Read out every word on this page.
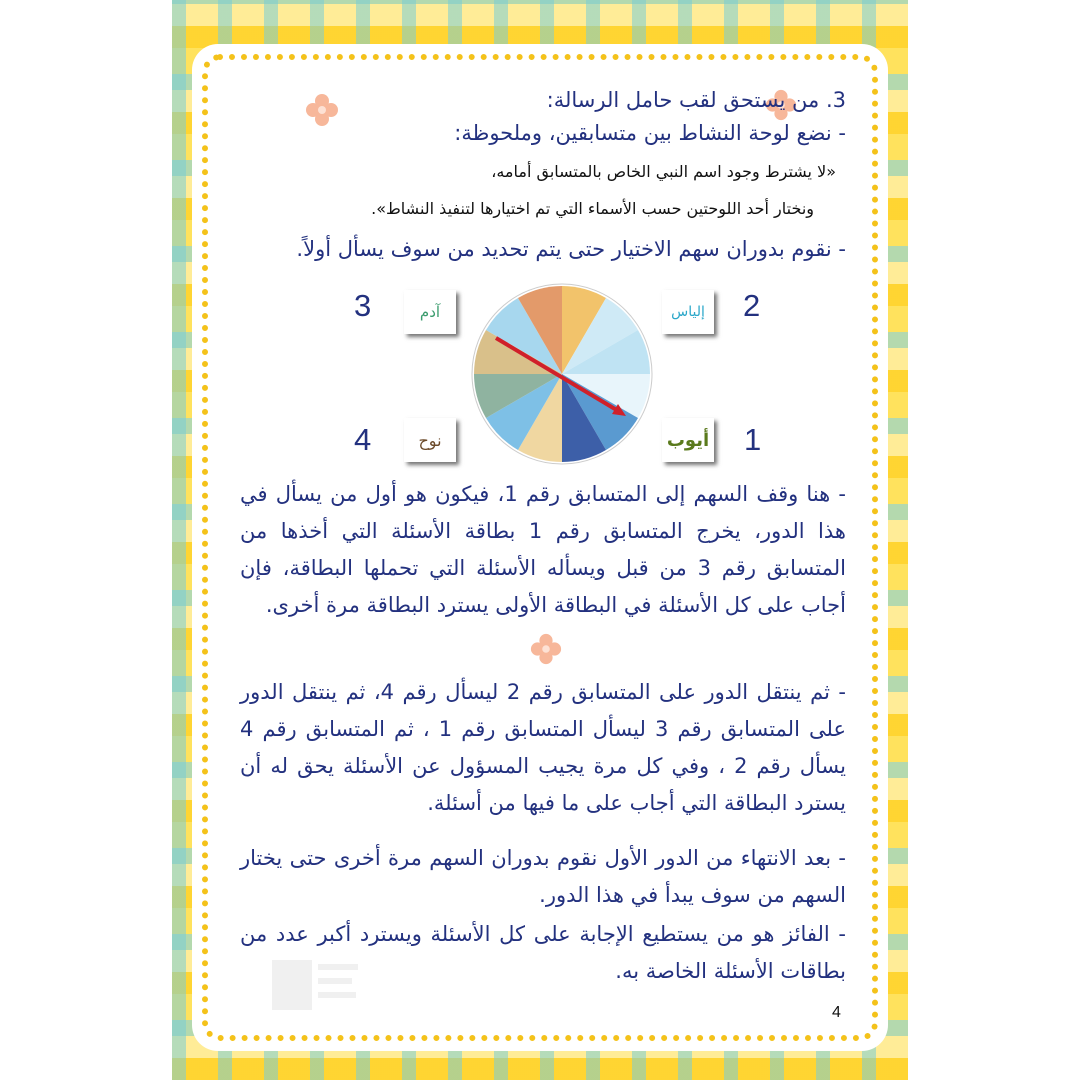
3. من يستحق لقب حامل الرسالة:
- نضع لوحة النشاط بين متسابقين، وملحوظة:
«لا يشترط وجود اسم النبي الخاص بالمتسابق أمامه،
ونختار أحد اللوحتين حسب الأسماء التي تم اختيارها لتنفيذ النشاط».
- نقوم بدوران سهم الاختيار حتى يتم تحديد من سوف يسأل أولاً.
إلياس 2
آدم
3
أيوب 1
نوح
4
- هنا وقف السهم إلى المتسابق رقم 1، فيكون هو أول من يسأل في هذا الدور، يخرج المتسابق رقم 1 بطاقة الأسئلة التي أخذها من المتسابق رقم 3 من قبل ويسأله الأسئلة التي تحملها البطاقة، فإن أجاب على كل الأسئلة في البطاقة الأولى يسترد البطاقة مرة أخرى.
- ثم ينتقل الدور على المتسابق رقم 2 ليسأل رقم 4، ثم ينتقل الدور على المتسابق رقم 3 ليسأل المتسابق رقم 1 ، ثم المتسابق رقم 4 يسأل رقم 2 ، وفي كل مرة يجيب المسؤول عن الأسئلة يحق له أن يسترد البطاقة التي أجاب على ما فيها من أسئلة.
- بعد الانتهاء من الدور الأول نقوم بدوران السهم مرة أخرى حتى يختار السهم من سوف يبدأ في هذا الدور.
- الفائز هو من يستطيع الإجابة على كل الأسئلة ويسترد أكبر عدد من بطاقات الأسئلة الخاصة به.
4
